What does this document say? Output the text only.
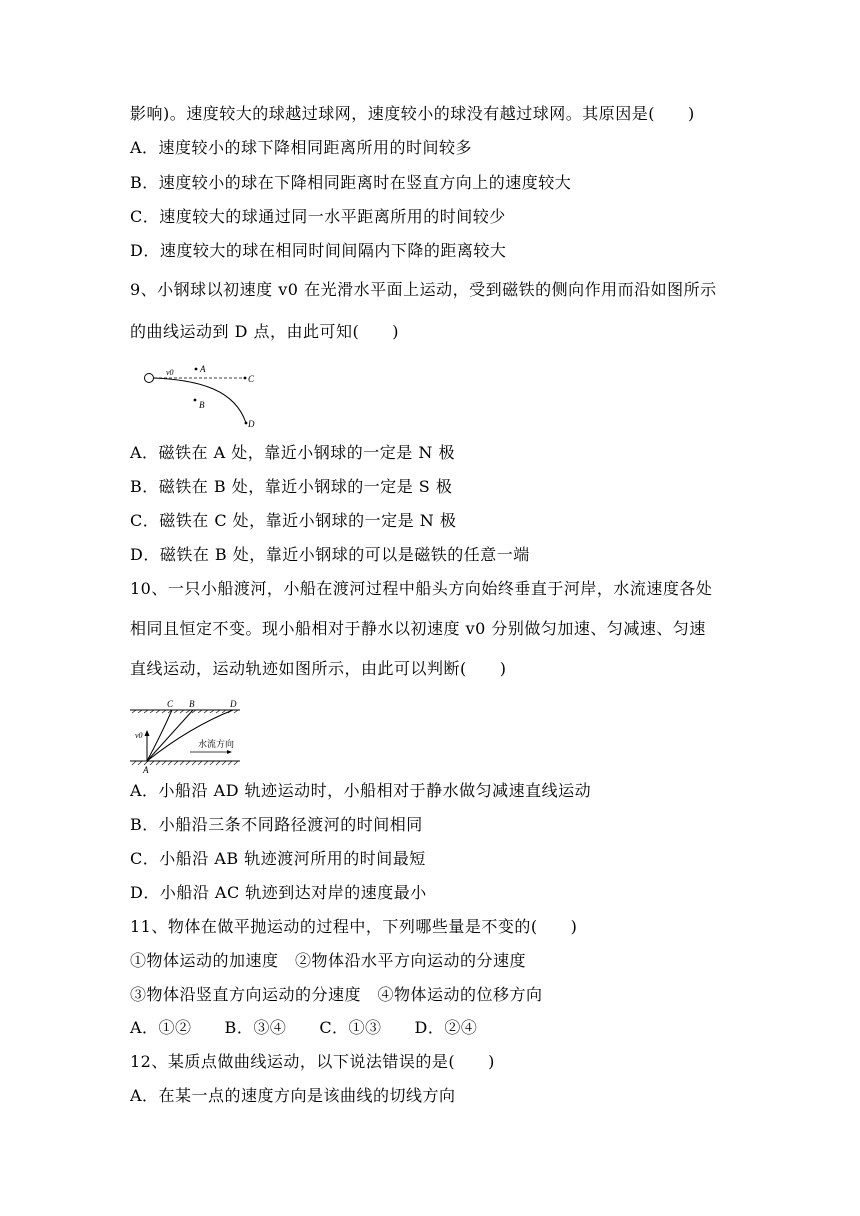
影响)。速度较大的球越过球网，速度较小的球没有越过球网。其原因是(　　)
A．速度较小的球下降相同距离所用的时间较多
B．速度较小的球在下降相同距离时在竖直方向上的速度较大
C．速度较大的球通过同一水平距离所用的时间较少
D．速度较大的球在相同时间间隔内下降的距离较大
9、小钢球以初速度 v0 在光滑水平面上运动，受到磁铁的侧向作用而沿如图所示
的曲线运动到 D 点，由此可知(　　)
v0	A
B
C
D
A．磁铁在 A 处，靠近小钢球的一定是 N 极
B．磁铁在 B 处，靠近小钢球的一定是 S 极
C．磁铁在 C 处，靠近小钢球的一定是 N 极
D．磁铁在 B 处，靠近小钢球的可以是磁铁的任意一端
10、一只小船渡河，小船在渡河过程中船头方向始终垂直于河岸，水流速度各处
相同且恒定不变。现小船相对于静水以初速度 v0 分别做匀加速、匀减速、匀速
直线运动，运动轨迹如图所示，由此可以判断(　　)
v0
C B	D
A
水流方向
A．小船沿 AD 轨迹运动时，小船相对于静水做匀减速直线运动
B．小船沿三条不同路径渡河的时间相同
C．小船沿 AB 轨迹渡河所用的时间最短
D．小船沿 AC 轨迹到达对岸的速度最小
11、物体在做平抛运动的过程中，下列哪些量是不变的(　　)
①物体运动的加速度　②物体沿水平方向运动的分速度
③物体沿竖直方向运动的分速度　④物体运动的位移方向
A．①②　　B．③④　　C．①③　　D．②④
12、某质点做曲线运动，以下说法错误的是(　　)
A．在某一点的速度方向是该曲线的切线方向
